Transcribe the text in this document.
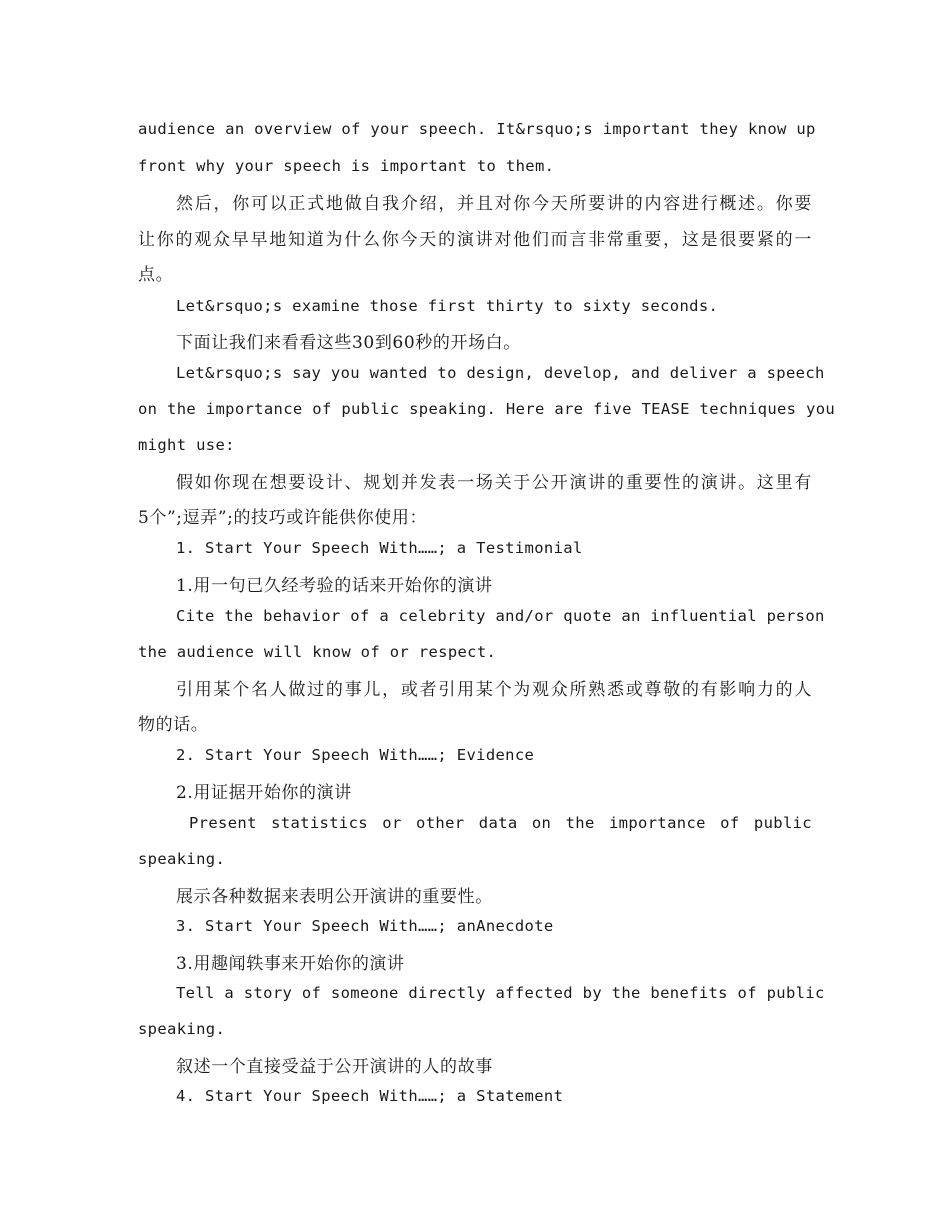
audience an overview of your speech. It&rsquo;s important they know up
front why your speech is important to them.
然后，你可以正式地做自我介绍，并且对你今天所要讲的内容进行概述。你要
让你的观众早早地知道为什么你今天的演讲对他们而言非常重要，这是很要紧的一
点。
Let&rsquo;s examine those first thirty to sixty seconds.
下面让我们来看看这些30到60秒的开场白。
Let&rsquo;s say you wanted to design, develop, and deliver a speech
on the importance of public speaking. Here are five TEASE techniques you
might use:
假如你现在想要设计、规划并发表一场关于公开演讲的重要性的演讲。这里有
5个”;逗弄”;的技巧或许能供你使用：
1. Start Your Speech With……; a Testimonial
1.用一句已久经考验的话来开始你的演讲
Cite the behavior of a celebrity and/or quote an influential person
the audience will know of or respect.
引用某个名人做过的事儿，或者引用某个为观众所熟悉或尊敬的有影响力的人
物的话。
2. Start Your Speech With……; Evidence
2.用证据开始你的演讲
Present statistics or other data on the importance of public
speaking.
展示各种数据来表明公开演讲的重要性。
3. Start Your Speech With……; anAnecdote
3.用趣闻轶事来开始你的演讲
Tell a story of someone directly affected by the benefits of public
speaking.
叙述一个直接受益于公开演讲的人的故事
4. Start Your Speech With……; a Statement
